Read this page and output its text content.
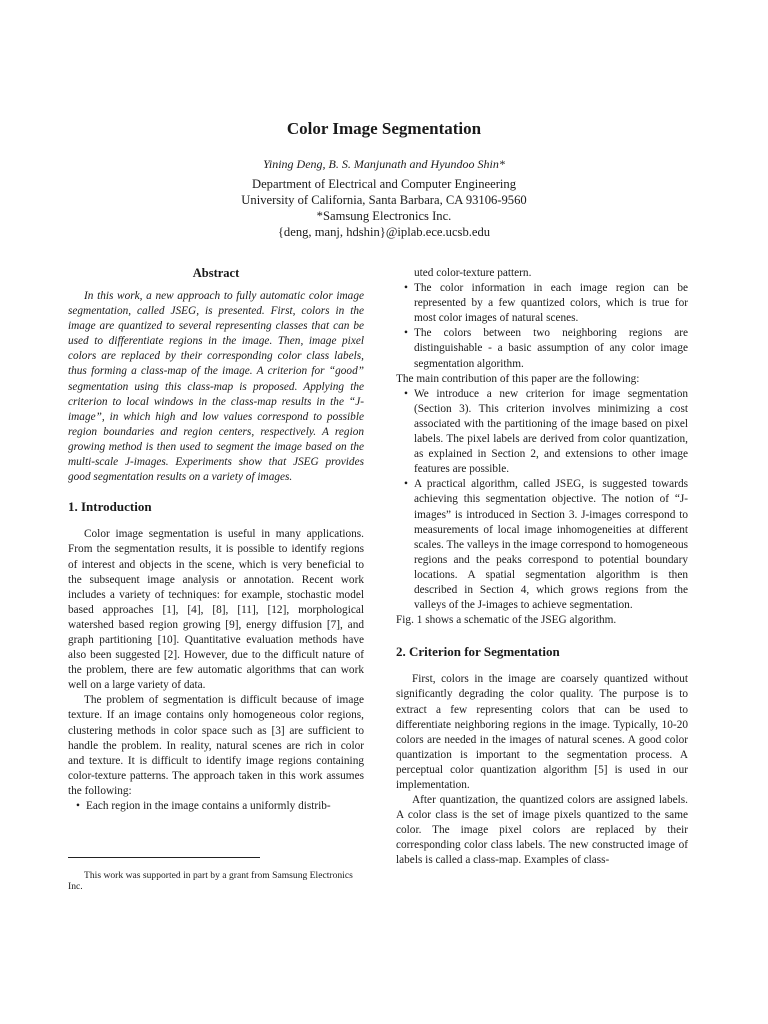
Color Image Segmentation
Yining Deng, B. S. Manjunath and Hyundoo Shin*
Department of Electrical and Computer Engineering
University of California, Santa Barbara, CA 93106-9560
*Samsung Electronics Inc.
{deng, manj, hdshin}@iplab.ece.ucsb.edu
Abstract

In this work, a new approach to fully automatic color image segmentation, called JSEG, is presented. First, colors in the image are quantized to several representing classes that can be used to differentiate regions in the image. Then, image pixel colors are replaced by their corresponding color class labels, thus forming a class-map of the image. A criterion for “good” segmentation using this class-map is proposed. Applying the criterion to local windows in the class-map results in the “J-image”, in which high and low values correspond to possible region boundaries and region centers, respectively. A region growing method is then used to segment the image based on the multi-scale J-images. Experiments show that JSEG provides good segmentation results on a variety of images.

1. Introduction

Color image segmentation is useful in many applications. From the segmentation results, it is possible to identify regions of interest and objects in the scene, which is very beneficial to the subsequent image analysis or annotation. Recent work includes a variety of techniques: for example, stochastic model based approaches [1], [4], [8], [11], [12], morphological watershed based region growing [9], energy diffusion [7], and graph partitioning [10]. Quantitative evaluation methods have also been suggested [2]. However, due to the difficult nature of the problem, there are few automatic algorithms that can work well on a large variety of data.

The problem of segmentation is difficult because of image texture. If an image contains only homogeneous color regions, clustering methods in color space such as [3] are sufficient to handle the problem. In reality, natural scenes are rich in color and texture. It is difficult to identify image regions containing color-texture patterns. The approach taken in this work assumes the following:

• Each region in the image contains a uniformly distrib-
This work was supported in part by a grant from Samsung Electronics Inc.

uted color-texture pattern.

• The color information in each image region can be represented by a few quantized colors, which is true for most color images of natural scenes.
• The colors between two neighboring regions are distinguishable - a basic assumption of any color image segmentation algorithm.

The main contribution of this paper are the following:

• We introduce a new criterion for image segmentation (Section 3). This criterion involves minimizing a cost associated with the partitioning of the image based on pixel labels. The pixel labels are derived from color quantization, as explained in Section 2, and extensions to other image features are possible.
• A practical algorithm, called JSEG, is suggested towards achieving this segmentation objective. The notion of “J-images” is introduced in Section 3. J-images correspond to measurements of local image inhomogeneities at different scales. The valleys in the image correspond to homogeneous regions and the peaks correspond to potential boundary locations. A spatial segmentation algorithm is then described in Section 4, which grows regions from the valleys of the J-images to achieve segmentation.

Fig. 1 shows a schematic of the JSEG algorithm.

2. Criterion for Segmentation

First, colors in the image are coarsely quantized without significantly degrading the color quality. The purpose is to extract a few representing colors that can be used to differentiate neighboring regions in the image. Typically, 10-20 colors are needed in the images of natural scenes. A good color quantization is important to the segmentation process. A perceptual color quantization algorithm [5] is used in our implementation.

After quantization, the quantized colors are assigned labels. A color class is the set of image pixels quantized to the same color. The image pixel colors are replaced by their corresponding color class labels. The new constructed image of labels is called a class-map. Examples of class-
